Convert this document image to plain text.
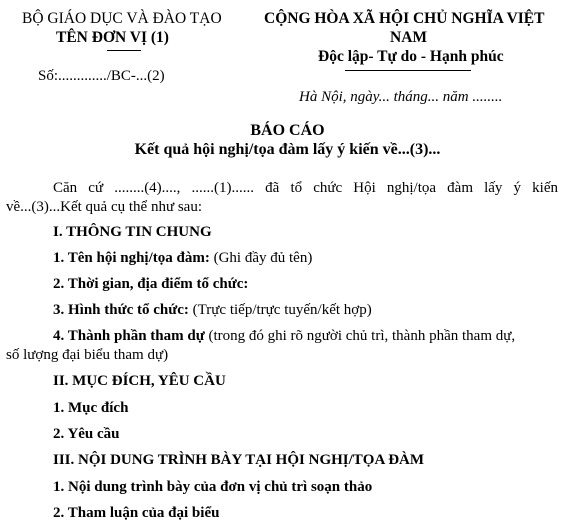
BỘ GIÁO DỤC VÀ ĐÀO TẠO
TÊN ĐƠN VỊ (1)
Số:............./BC-...(2)
CỘNG HÒA XÃ HỘI CHỦ NGHĨA VIỆT
NAM
Độc lập- Tự do - Hạnh phúc
Hà Nội, ngày... tháng... năm ........
BÁO CÁO
Kết quả hội nghị/tọa đàm lấy ý kiến về...(3)...
Căn cứ ........(4)...., ......(1)...... đã tổ chức Hội nghị/tọa đàm lấy ý kiến
về...(3)...Kết quả cụ thể như sau:
I. THÔNG TIN CHUNG
1. Tên hội nghị/tọa đàm: (Ghi đầy đủ tên)
2. Thời gian, địa điểm tổ chức:
3. Hình thức tổ chức: (Trực tiếp/trực tuyến/kết hợp)
4. Thành phần tham dự (trong đó ghi rõ người chủ trì, thành phần tham dự,
số lượng đại biểu tham dự)
II. MỤC ĐÍCH, YÊU CẦU
1. Mục đích
2. Yêu cầu
III. NỘI DUNG TRÌNH BÀY TẠI HỘI NGHỊ/TỌA ĐÀM
1. Nội dung trình bày của đơn vị chủ trì soạn thảo
2. Tham luận của đại biểu
